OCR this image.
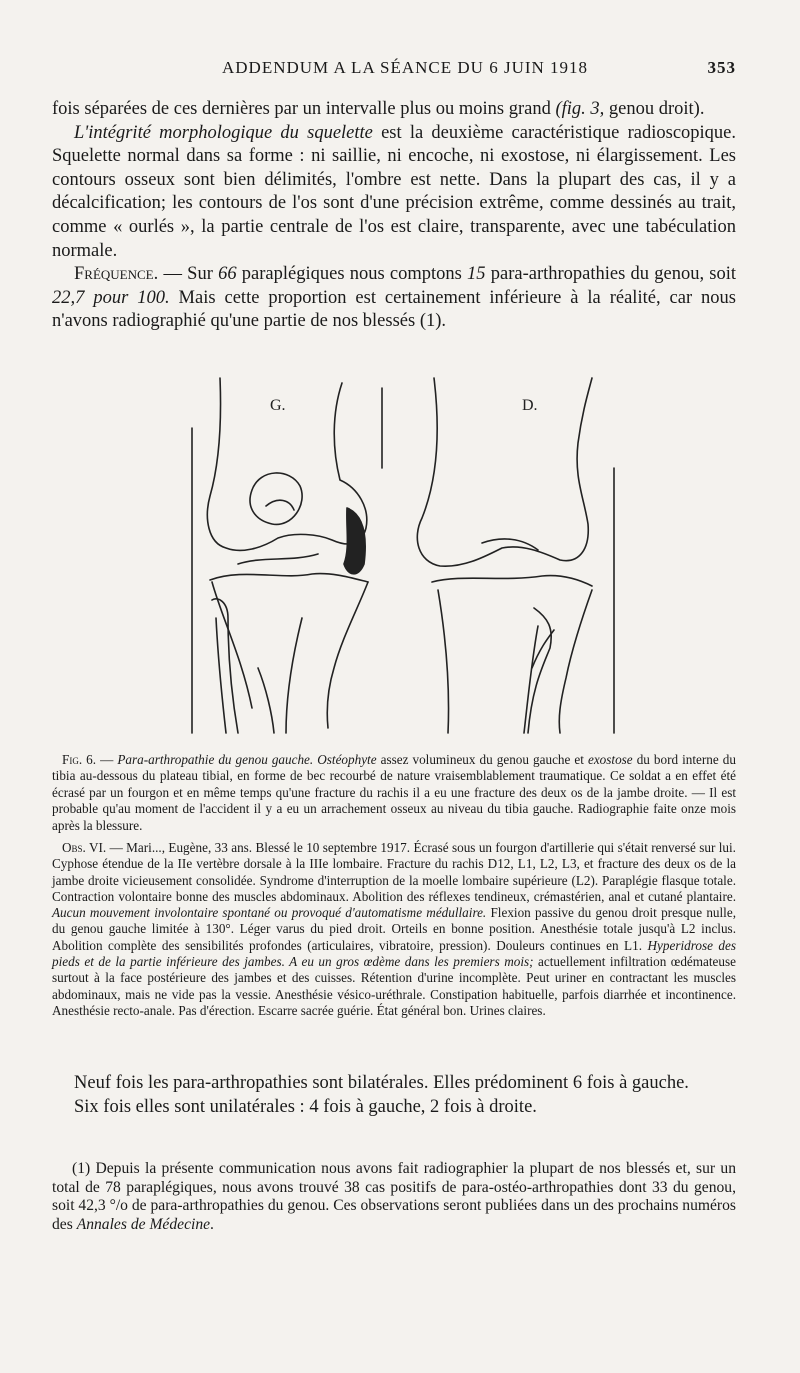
ADDENDUM A LA SÉANCE DU 6 JUIN 1918	353

fois séparées de ces dernières par un intervalle plus ou moins grand (fig. 3, genou droit).

L'intégrité morphologique du squelette est la deuxième caractéristique radioscopique. Squelette normal dans sa forme : ni saillie, ni encoche, ni exostose, ni élargissement. Les contours osseux sont bien délimités, l'ombre est nette. Dans la plupart des cas, il y a décalcification; les contours de l'os sont d'une précision extrême, comme dessinés au trait, comme « ourlés », la partie centrale de l'os est claire, transparente, avec une tabéculation normale.

Fréquence. — Sur 66 paraplégiques nous comptons 15 para-arthropathies du genou, soit 22,7 pour 100. Mais cette proportion est certainement inférieure à la réalité, car nous n'avons radiographié qu'une partie de nos blessés (1).

G.	D.
Fig. 6. — Para-arthropathie du genou gauche. Ostéophyte assez volumineux du genou gauche et exostose du bord interne du tibia au-dessous du plateau tibial, en forme de bec recourbé de nature vraisemblablement traumatique. Ce soldat a en effet été écrasé par un fourgon et en même temps qu'une fracture du rachis il a eu une fracture des deux os de la jambe droite. — Il est probable qu'au moment de l'accident il y a eu un arrachement osseux au niveau du tibia gauche. Radiographie faite onze mois après la blessure.
Obs. VI. — Mari..., Eugène, 33 ans. Blessé le 10 septembre 1917. Écrasé sous un fourgon d'artillerie qui s'était renversé sur lui. Cyphose étendue de la IIe vertèbre dorsale à la IIIe lombaire. Fracture du rachis D12, L1, L2, L3, et fracture des deux os de la jambe droite vicieusement consolidée. Syndrome d'interruption de la moelle lombaire supérieure (L2). Paraplégie flasque totale. Contraction volontaire bonne des muscles abdominaux. Abolition des réflexes tendineux, crémastérien, anal et cutané plantaire. Aucun mouvement involontaire spontané ou provoqué d'automatisme médullaire. Flexion passive du genou droit presque nulle, du genou gauche limitée à 130°. Léger varus du pied droit. Orteils en bonne position. Anesthésie totale jusqu'à L2 inclus. Abolition complète des sensibilités profondes (articulaires, vibratoire, pression). Douleurs continues en L1. Hyperidrose des pieds et de la partie inférieure des jambes. A eu un gros œdème dans les premiers mois; actuellement infiltration œdémateuse surtout à la face postérieure des jambes et des cuisses. Rétention d'urine incomplète. Peut uriner en contractant les muscles abdominaux, mais ne vide pas la vessie. Anesthésie vésico-uréthrale. Constipation habituelle, parfois diarrhée et incontinence. Anesthésie recto-anale. Pas d'érection. Escarre sacrée guérie. État général bon. Urines claires.

Neuf fois les para-arthropathies sont bilatérales. Elles prédominent 6 fois à gauche.

Six fois elles sont unilatérales : 4 fois à gauche, 2 fois à droite.

(1) Depuis la présente communication nous avons fait radiographier la plupart de nos blessés et, sur un total de 78 paraplégiques, nous avons trouvé 38 cas positifs de para-ostéo-arthropathies dont 33 du genou, soit 42,3 °/o de para-arthropathies du genou. Ces observations seront publiées dans un des prochains numéros des Annales de Médecine.
